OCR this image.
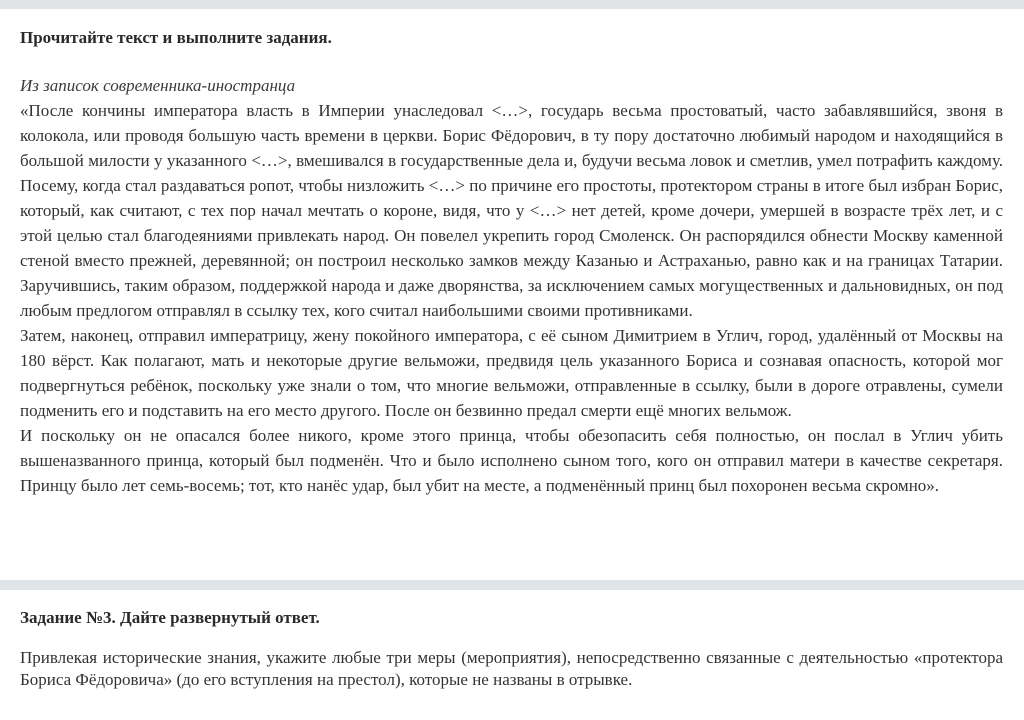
Прочитайте текст и выполните задания.

Из записок современника-иностранца

«После кончины императора власть в Империи унаследовал <…>, государь весьма простоватый, часто забавлявшийся, звоня в колокола, или проводя большую часть времени в церкви. Борис Фёдорович, в ту пору достаточно любимый народом и находящийся в большой милости у указанного <…>, вмешивался в государственные дела и, будучи весьма ловок и сметлив, умел потрафить каждому. Посему, когда стал раздаваться ропот, чтобы низложить <…> по причине его простоты, протектором страны в итоге был избран Борис, который, как считают, с тех пор начал мечтать о короне, видя, что у <…> нет детей, кроме дочери, умершей в возрасте трёх лет, и с этой целью стал благодеяниями привлекать народ. Он повелел укрепить город Смоленск. Он распорядился обнести Москву каменной стеной вместо прежней, деревянной; он построил несколько замков между Казанью и Астраханью, равно как и на границах Татарии. Заручившись, таким образом, поддержкой народа и даже дворянства, за исключением самых могущественных и дальновидных, он под любым предлогом отправлял в ссылку тех, кого считал наибольшими своими противниками.

Затем, наконец, отправил императрицу, жену покойного императора, с её сыном Димитрием в Углич, город, удалённый от Москвы на 180 вёрст. Как полагают, мать и некоторые другие вельможи, предвидя цель указанного Бориса и сознавая опасность, которой мог подвергнуться ребёнок, поскольку уже знали о том, что многие вельможи, отправленные в ссылку, были в дороге отравлены, сумели подменить его и подставить на его место другого. После он безвинно предал смерти ещё многих вельмож.

И поскольку он не опасался более никого, кроме этого принца, чтобы обезопасить себя полностью, он послал в Углич убить вышеназванного принца, который был подменён. Что и было исполнено сыном того, кого он отправил матери в качестве секретаря. Принцу было лет семь-восемь; тот, кто нанёс удар, был убит на месте, а подменённый принц был похоронен весьма скромно».

Задание №3. Дайте развернутый ответ.

Привлекая исторические знания, укажите любые три меры (мероприятия), непосредственно связанные с деятельностью «протектора Бориса Фёдоровича» (до его вступления на престол), которые не названы в отрывке.
